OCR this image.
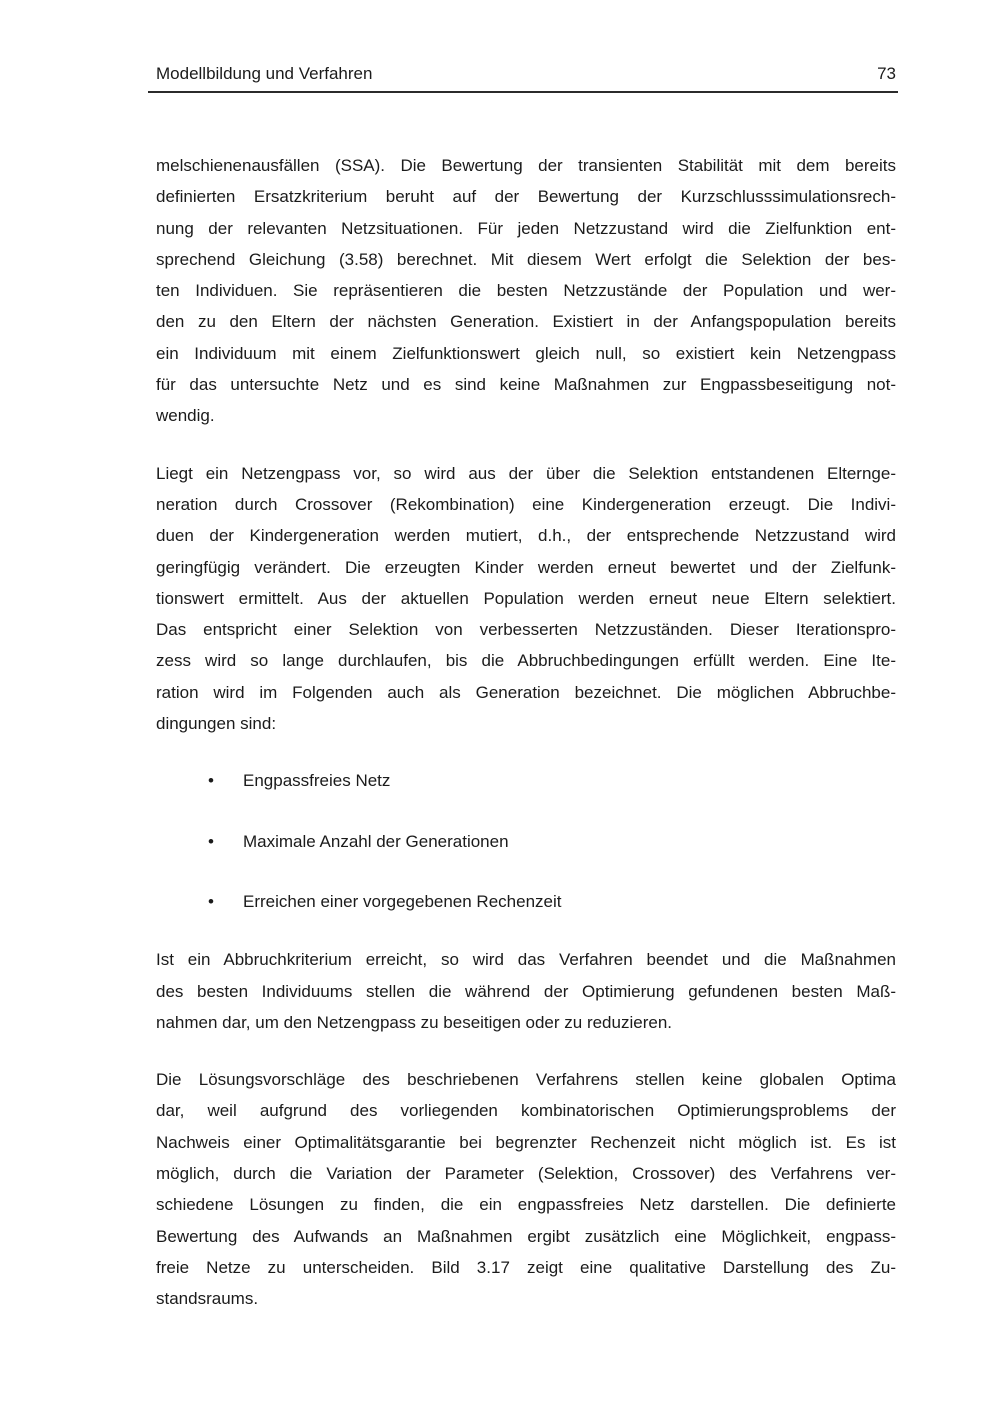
Modellbildung und Verfahren	73

melschienenausfällen (SSA). Die Bewertung der transienten Stabilität mit dem bereits
definierten Ersatzkriterium beruht auf der Bewertung der Kurzschlusssimulationsrech-
nung der relevanten Netzsituationen. Für jeden Netzzustand wird die Zielfunktion ent-
sprechend Gleichung (3.58) berechnet. Mit diesem Wert erfolgt die Selektion der bes-
ten Individuen. Sie repräsentieren die besten Netzzustände der Population und wer-
den zu den Eltern der nächsten Generation. Existiert in der Anfangspopulation bereits
ein Individuum mit einem Zielfunktionswert gleich null, so existiert kein Netzengpass
für das untersuchte Netz und es sind keine Maßnahmen zur Engpassbeseitigung not-
wendig.

Liegt ein Netzengpass vor, so wird aus der über die Selektion entstandenen Elternge-
neration durch Crossover (Rekombination) eine Kindergeneration erzeugt. Die Indivi-
duen der Kindergeneration werden mutiert, d.h., der entsprechende Netzzustand wird
geringfügig verändert. Die erzeugten Kinder werden erneut bewertet und der Zielfunk-
tionswert ermittelt. Aus der aktuellen Population werden erneut neue Eltern selektiert.
Das entspricht einer Selektion von verbesserten Netzzuständen. Dieser Iterationspro-
zess wird so lange durchlaufen, bis die Abbruchbedingungen erfüllt werden. Eine Ite-
ration wird im Folgenden auch als Generation bezeichnet. Die möglichen Abbruchbe-
dingungen sind:

•	Engpassfreies Netz
•	Maximale Anzahl der Generationen
•	Erreichen einer vorgegebenen Rechenzeit

Ist ein Abbruchkriterium erreicht, so wird das Verfahren beendet und die Maßnahmen
des besten Individuums stellen die während der Optimierung gefundenen besten Maß-
nahmen dar, um den Netzengpass zu beseitigen oder zu reduzieren.

Die Lösungsvorschläge des beschriebenen Verfahrens stellen keine globalen Optima
dar, weil aufgrund des vorliegenden kombinatorischen Optimierungsproblems der
Nachweis einer Optimalitätsgarantie bei begrenzter Rechenzeit nicht möglich ist. Es ist
möglich, durch die Variation der Parameter (Selektion, Crossover) des Verfahrens ver-
schiedene Lösungen zu finden, die ein engpassfreies Netz darstellen. Die definierte
Bewertung des Aufwands an Maßnahmen ergibt zusätzlich eine Möglichkeit, engpass-
freie Netze zu unterscheiden. Bild 3.17 zeigt eine qualitative Darstellung des Zu-
standsraums.
